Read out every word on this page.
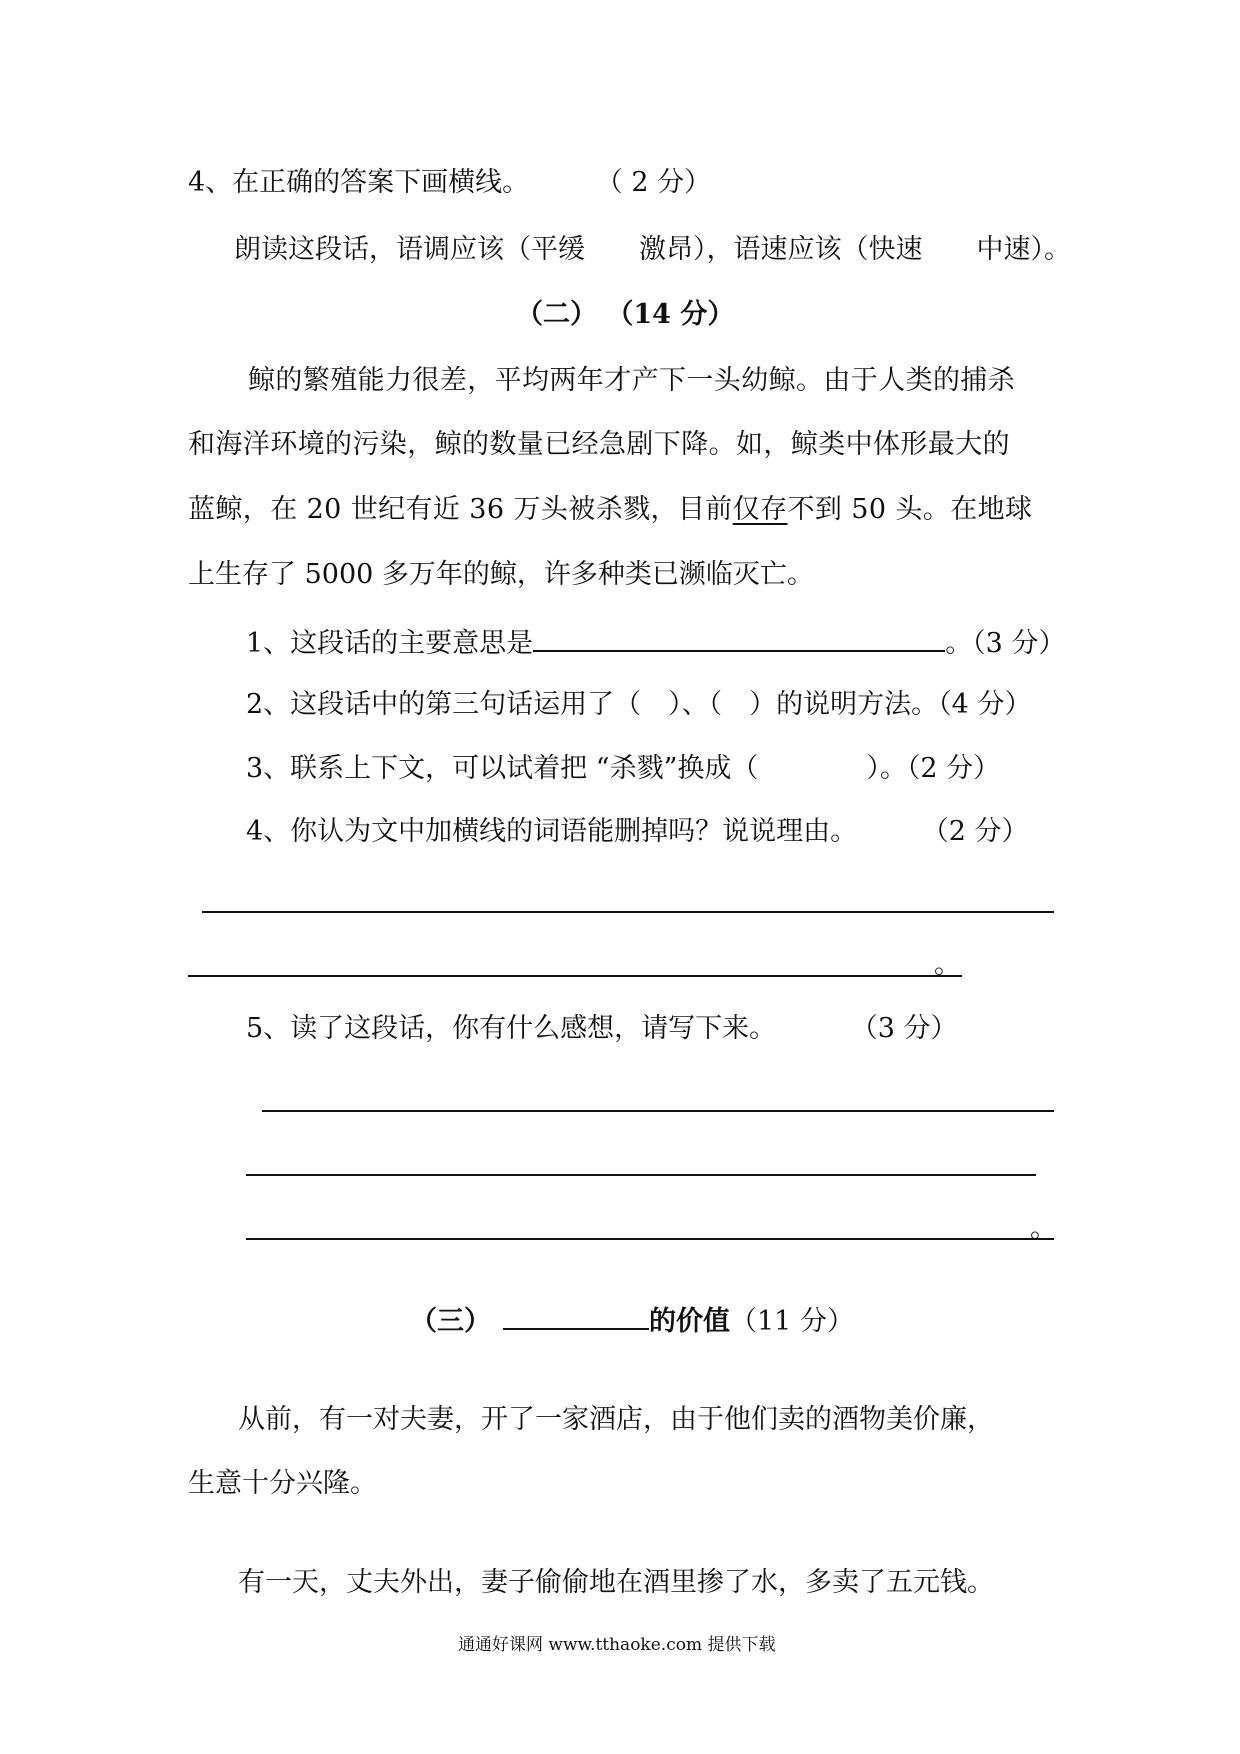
4、在正确的答案下画横线。 （ 2 分）
朗读这段话，语调应该（平缓　　激昂），语速应该（快速　　中速）。
（二） （14 分）
鲸的繁殖能力很差，平均两年才产下一头幼鲸。由于人类的捕杀
和海洋环境的污染，鲸的数量已经急剧下降。如，鲸类中体形最大的
蓝鲸，在 20 世纪有近 36 万头被杀戮，目前仅存不到 50 头。在地球
上生存了 5000 多万年的鲸，许多种类已濒临灭亡。
1、这段话的主要意思是	。（3 分）
2、这段话中的第三句话运用了（　）、（　）的说明方法。（4 分）
3、联系上下文，可以试着把 “杀戮”换成（　　　　）。（2 分）
4、你认为文中加横线的词语能删掉吗？说说理由。 （2 分）
。
5、读了这段话，你有什么感想，请写下来。	（3 分）
。
（三）	的价值（11 分）
从前，有一对夫妻，开了一家酒店，由于他们卖的酒物美价廉，
生意十分兴隆。
有一天，丈夫外出，妻子偷偷地在酒里掺了水，多卖了五元钱。
通通好课网 www.tthaoke.com 提供下载
